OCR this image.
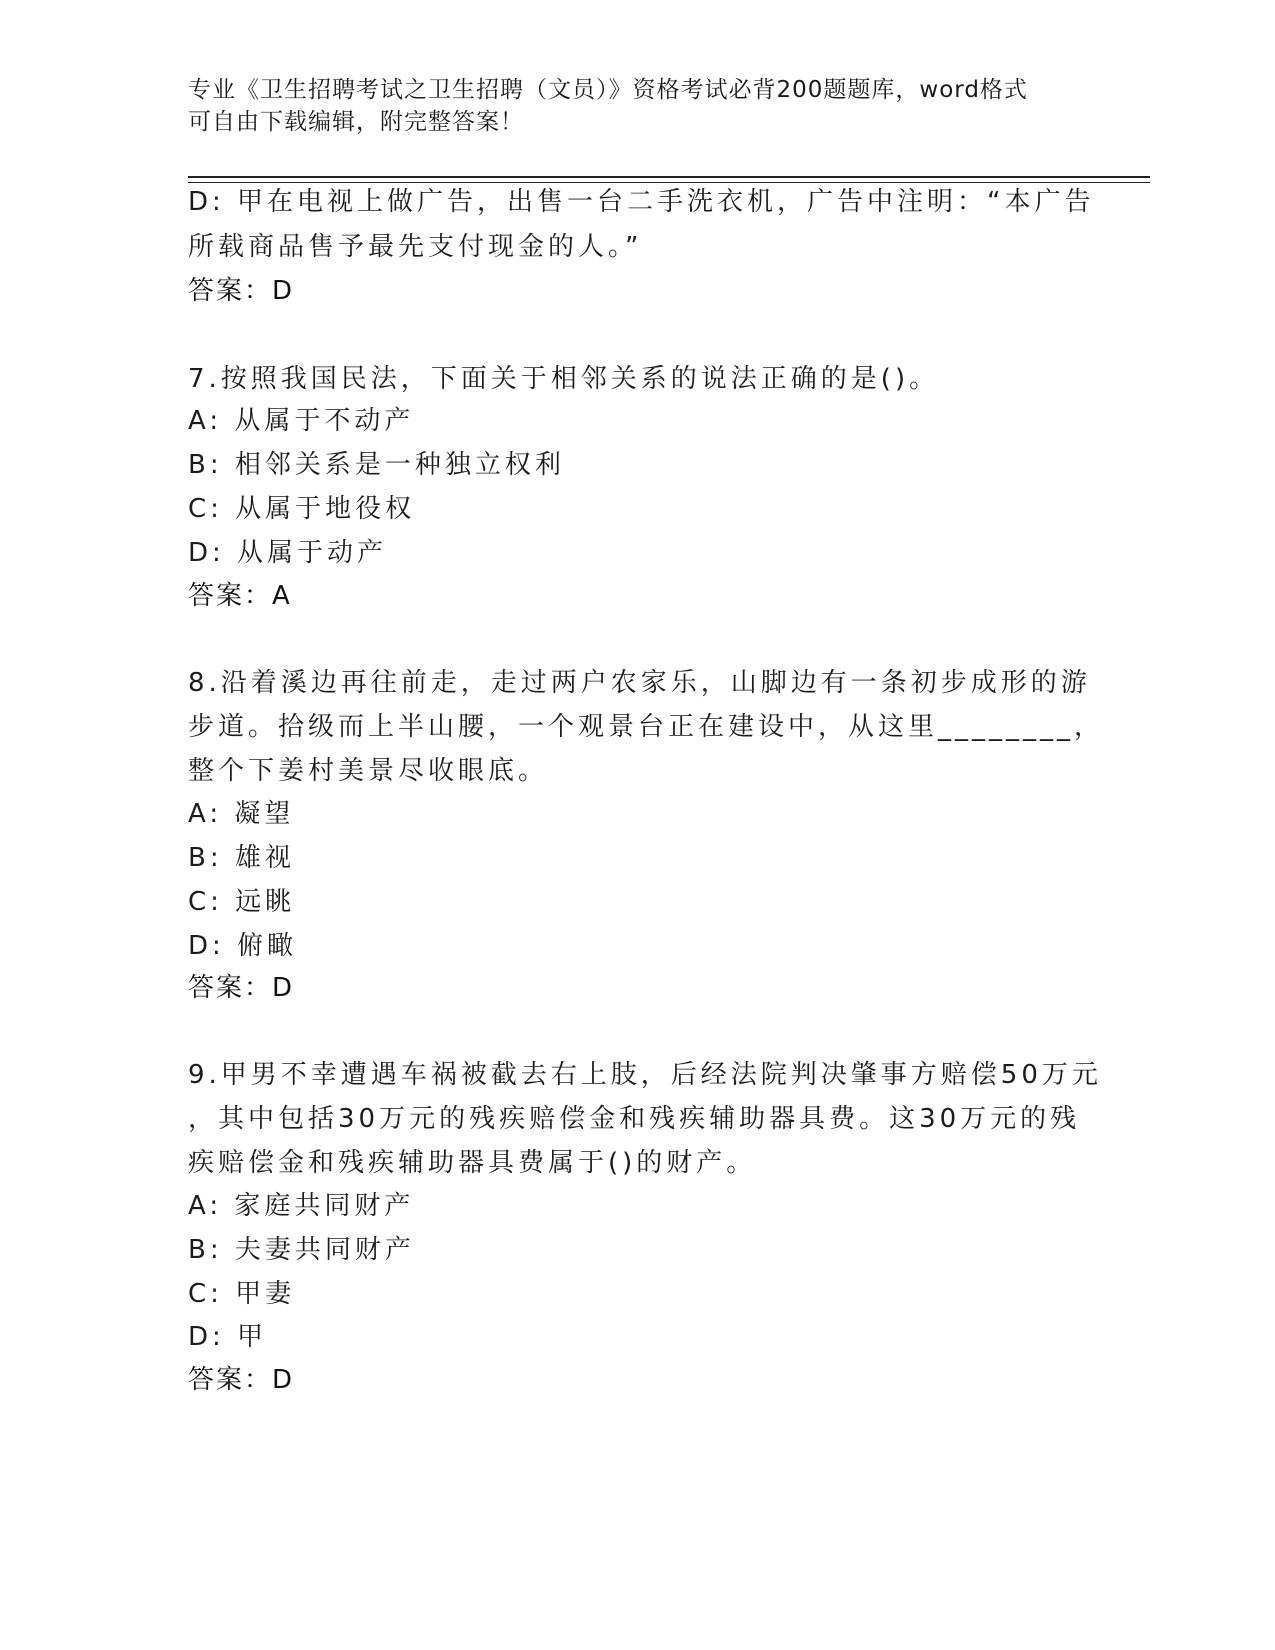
专业《卫生招聘考试之卫生招聘（文员）》资格考试必背200题题库，word格式
可自由下载编辑，附完整答案！
D: 甲在电视上做广告，出售一台二手洗衣机，广告中注明：“本广告
所载商品售予最先支付现金的人。”
答案：D
7.按照我国民法，下面关于相邻关系的说法正确的是()。
A: 从属于不动产
B: 相邻关系是一种独立权利
C: 从属于地役权
D: 从属于动产
答案：A
8.沿着溪边再往前走，走过两户农家乐，山脚边有一条初步成形的游
步道。拾级而上半山腰，一个观景台正在建设中，从这里________，
整个下姜村美景尽收眼底。
A: 凝望
B: 雄视
C: 远眺
D: 俯瞰
答案：D
9.甲男不幸遭遇车祸被截去右上肢，后经法院判决肇事方赔偿50万元
，其中包括30万元的残疾赔偿金和残疾辅助器具费。这30万元的残
疾赔偿金和残疾辅助器具费属于()的财产。
A: 家庭共同财产
B: 夫妻共同财产
C: 甲妻
D: 甲
答案：D
